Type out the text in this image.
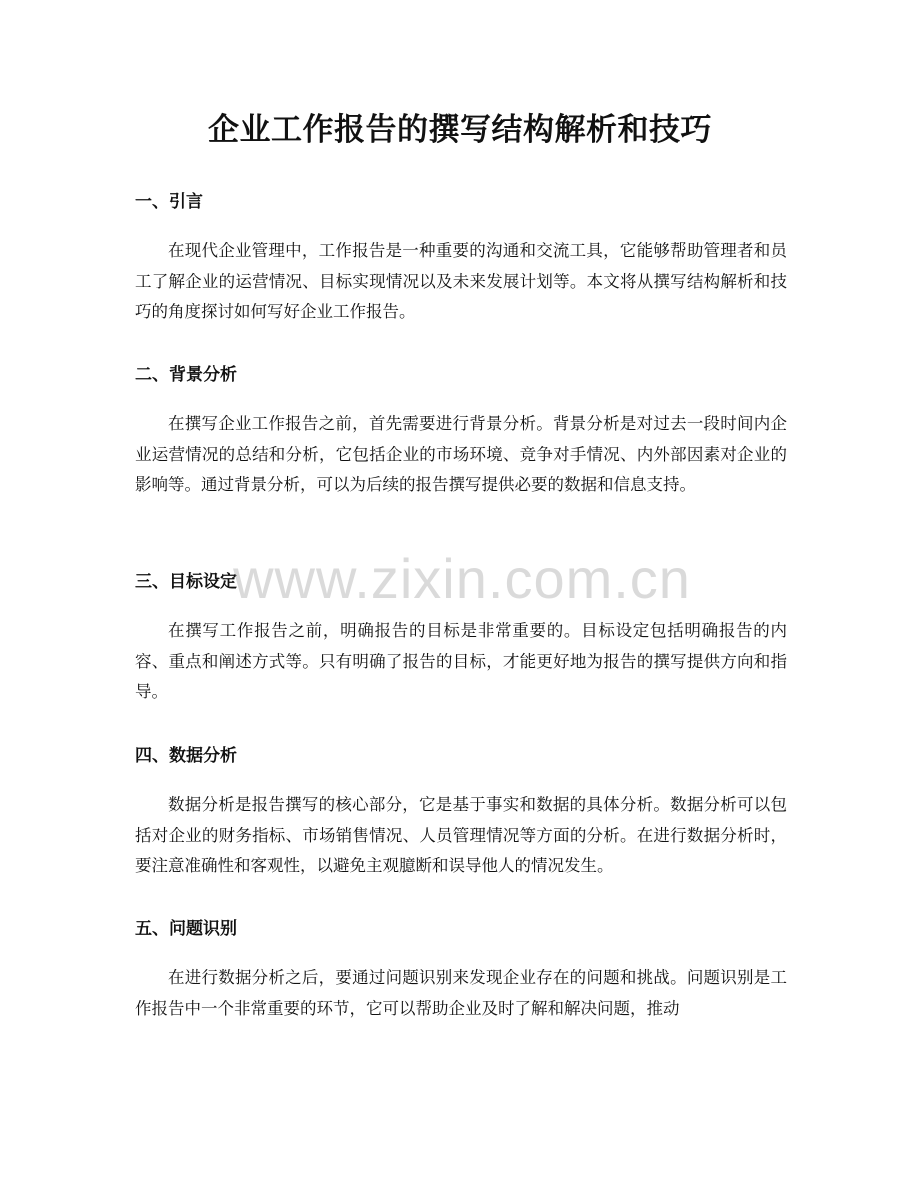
企业工作报告的撰写结构解析和技巧
一、引言

在现代企业管理中，工作报告是一种重要的沟通和交流工具，它能够帮助管理者和员工了解企业的运营情况、目标实现情况以及未来发展计划等。本文将从撰写结构解析和技巧的角度探讨如何写好企业工作报告。

二、背景分析

在撰写企业工作报告之前，首先需要进行背景分析。背景分析是对过去一段时间内企业运营情况的总结和分析，它包括企业的市场环境、竞争对手情况、内外部因素对企业的影响等。通过背景分析，可以为后续的报告撰写提供必要的数据和信息支持。

三、目标设定

在撰写工作报告之前，明确报告的目标是非常重要的。目标设定包括明确报告的内容、重点和阐述方式等。只有明确了报告的目标，才能更好地为报告的撰写提供方向和指导。

四、数据分析

数据分析是报告撰写的核心部分，它是基于事实和数据的具体分析。数据分析可以包括对企业的财务指标、市场销售情况、人员管理情况等方面的分析。在进行数据分析时，要注意准确性和客观性，以避免主观臆断和误导他人的情况发生。

五、问题识别

在进行数据分析之后，要通过问题识别来发现企业存在的问题和挑战。问题识别是工作报告中一个非常重要的环节，它可以帮助企业及时了解和解决问题，推动

www.zixin.com.cn
